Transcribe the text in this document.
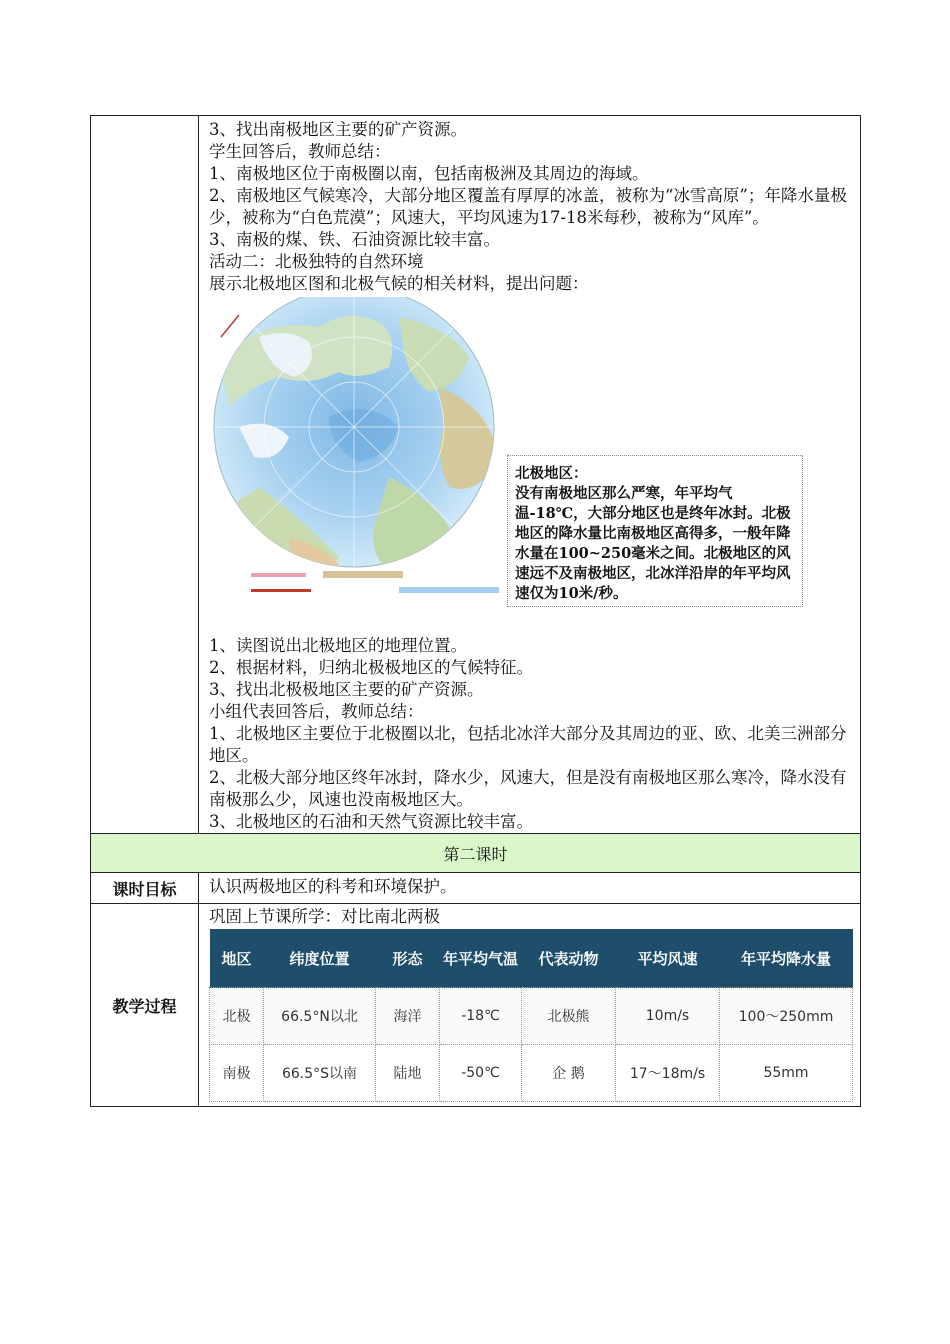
3、找出南极地区主要的矿产资源。

学生回答后，教师总结：

1、南极地区位于南极圈以南，包括南极洲及其周边的海域。

2、南极地区气候寒冷，大部分地区覆盖有厚厚的冰盖，被称为“冰雪高原”；年降水量极少，被称为“白色荒漠”；风速大，平均风速为17-18米每秒，被称为“风库”。

3、南极的煤、铁、石油资源比较丰富。

活动二：北极独特的自然环境

展示北极地区图和北极气候的相关材料，提出问题：

北极地区：

没有南极地区那么严寒，年平均气温-18℃，大部分地区也是终年冰封。北极地区的降水量比南极地区高得多，一般年降水量在100~250毫米之间。北极地区的风速远不及南极地区，北冰洋沿岸的年平均风速仅为10米/秒。

1、读图说出北极地区的地理位置。

2、根据材料，归纳北极极地区的气候特征。

3、找出北极极地区主要的矿产资源。

小组代表回答后，教师总结：

1、北极地区主要位于北极圈以北，包括北冰洋大部分及其周边的亚、欧、北美三洲部分地区。

2、北极大部分地区终年冰封，降水少，风速大，但是没有南极地区那么寒冷，降水没有南极那么少，风速也没南极地区大。

3、北极地区的石油和天然气资源比较丰富。

第二课时
课时目标	认识两极地区的科考和环境保护。

教学过程	

巩固上节课所学：对比南北两极

地区	纬度位置	形态	年平均气温	代表动物	平均风速	年平均降水量
北极	66.5°N以北	海洋	-18℃	北极熊	10m/s	100～250mm
南极	66.5°S以南	陆地	-50℃	企 鹅	17～18m/s	55mm
